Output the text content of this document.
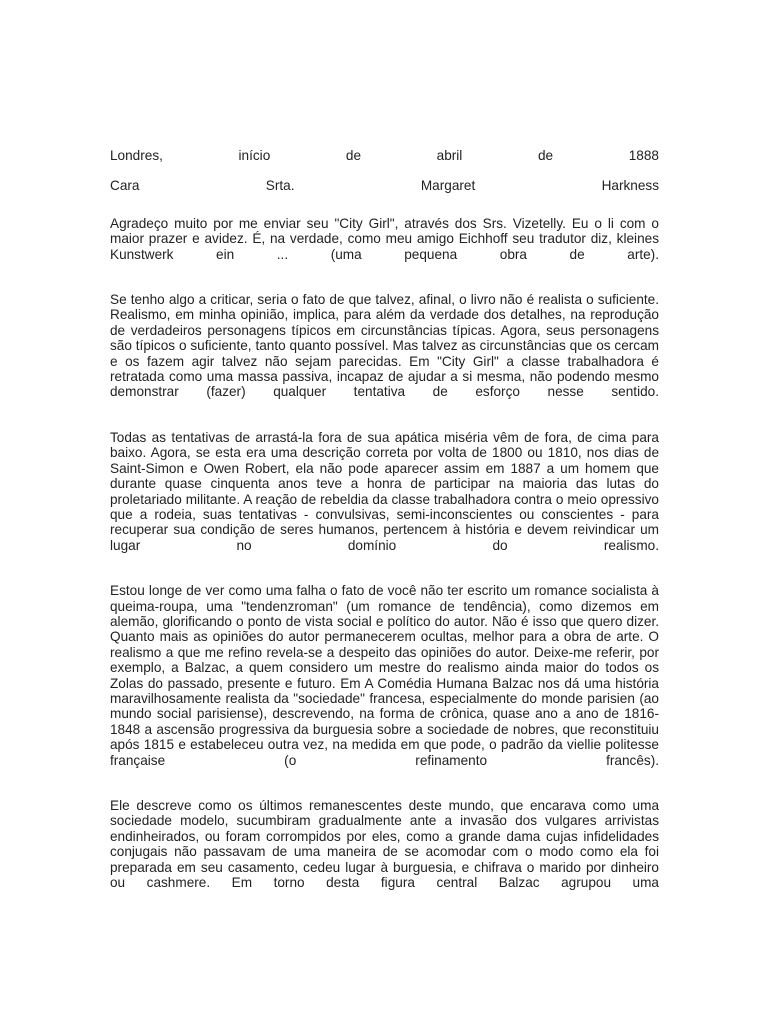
Londres,	início	de	abril	de	1888
Cara	Srta.	Margaret	Harkness

Agradeço muito por me enviar seu "City Girl", através dos Srs. Vizetelly. Eu o li com o maior prazer e avidez. É, na verdade, como meu amigo Eichhoff seu tradutor diz, kleines Kunstwerk ein ... (uma pequena obra de arte).

Se tenho algo a criticar, seria o fato de que talvez, afinal, o livro não é realista o suficiente. Realismo, em minha opinião, implica, para além da verdade dos detalhes, na reprodução de verdadeiros personagens típicos em circunstâncias típicas. Agora, seus personagens são típicos o suficiente, tanto quanto possível. Mas talvez as circunstâncias que os cercam e os fazem agir talvez não sejam parecidas. Em "City Girl" a classe trabalhadora é retratada como uma massa passiva, incapaz de ajudar a si mesma, não podendo mesmo demonstrar (fazer) qualquer tentativa de esforço nesse sentido.

Todas as tentativas de arrastá-la fora de sua apática miséria vêm de fora, de cima para baixo. Agora, se esta era uma descrição correta por volta de 1800 ou 1810, nos dias de Saint-Simon e Owen Robert, ela não pode aparecer assim em 1887 a um homem que durante quase cinquenta anos teve a honra de participar na maioria das lutas do proletariado militante. A reação de rebeldia da classe trabalhadora contra o meio opressivo que a rodeia, suas tentativas - convulsivas, semi-inconscientes ou conscientes - para recuperar sua condição de seres humanos, pertencem à história e devem reivindicar um lugar no domínio do realismo.

Estou longe de ver como uma falha o fato de você não ter escrito um romance socialista à queima-roupa, uma "tendenzroman" (um romance de tendência), como dizemos em alemão, glorificando o ponto de vista social e político do autor. Não é isso que quero dizer. Quanto mais as opiniões do autor permanecerem ocultas, melhor para a obra de arte. O realismo a que me refino revela-se a despeito das opiniões do autor. Deixe-me referir, por exemplo, a Balzac, a quem considero um mestre do realismo ainda maior do todos os Zolas do passado, presente e futuro. Em A Comédia Humana Balzac nos dá uma história maravilhosamente realista da "sociedade" francesa, especialmente do monde parisien (ao mundo social parisiense), descrevendo, na forma de crônica, quase ano a ano de 1816-1848 a ascensão progressiva da burguesia sobre a sociedade de nobres, que reconstituiu após 1815 e estabeleceu outra vez, na medida em que pode, o padrão da viellie politesse française (o refinamento francês).

Ele descreve como os últimos remanescentes deste mundo, que encarava como uma sociedade modelo, sucumbiram gradualmente ante a invasão dos vulgares arrivistas endinheirados, ou foram corrompidos por eles, como a grande dama cujas infidelidades conjugais não passavam de uma maneira de se acomodar com o modo como ela foi preparada em seu casamento, cedeu lugar à burguesia, e chifrava o marido por dinheiro ou cashmere. Em torno desta figura central Balzac agrupou uma
